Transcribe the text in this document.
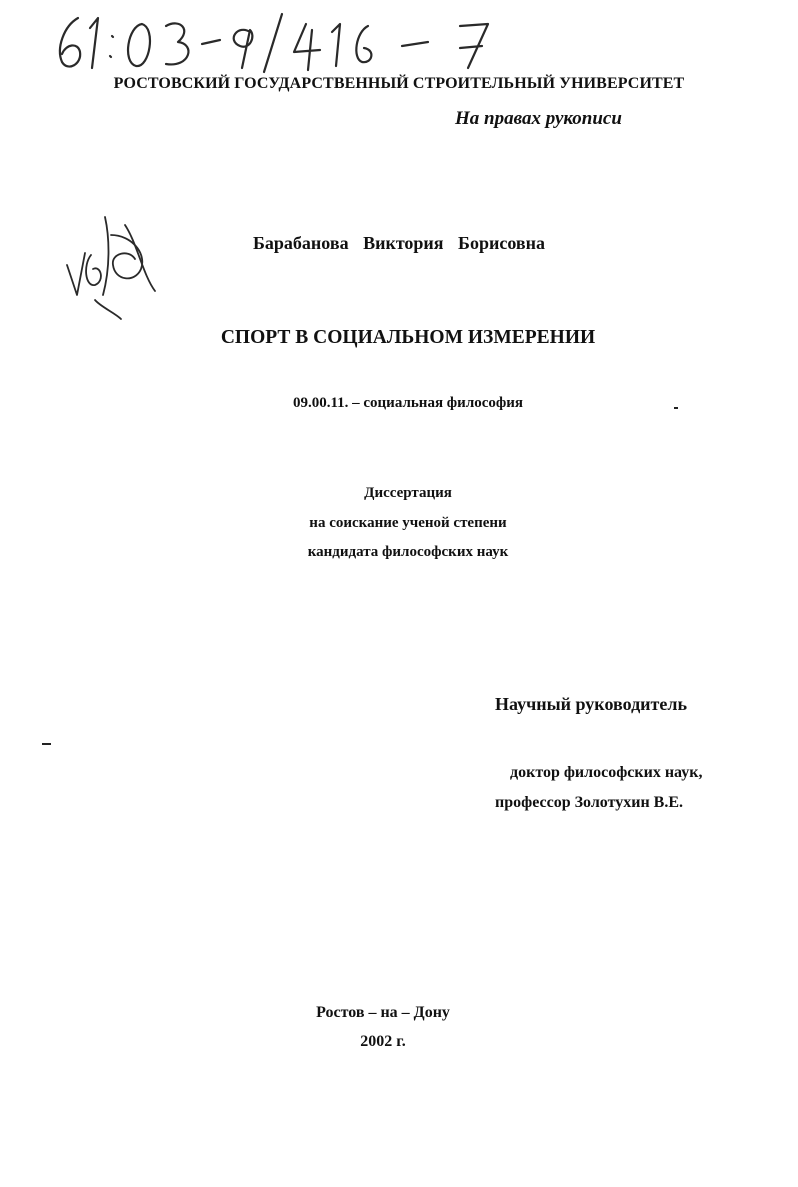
РОСТОВСКИЙ ГОСУДАРСТВЕННЫЙ СТРОИТЕЛЬНЫЙ УНИВЕРСИТЕТ
На правах рукописи
Барабанова Виктория Борисовна
СПОРТ В СОЦИАЛЬНОМ ИЗМЕРЕНИИ
09.00.11. – социальная философия
Диссертация
на соискание ученой степени
кандидата философских наук
Научный руководитель
доктор философских наук,
профессор Золотухин В.Е.
Ростов – на – Дону
2002 г.
